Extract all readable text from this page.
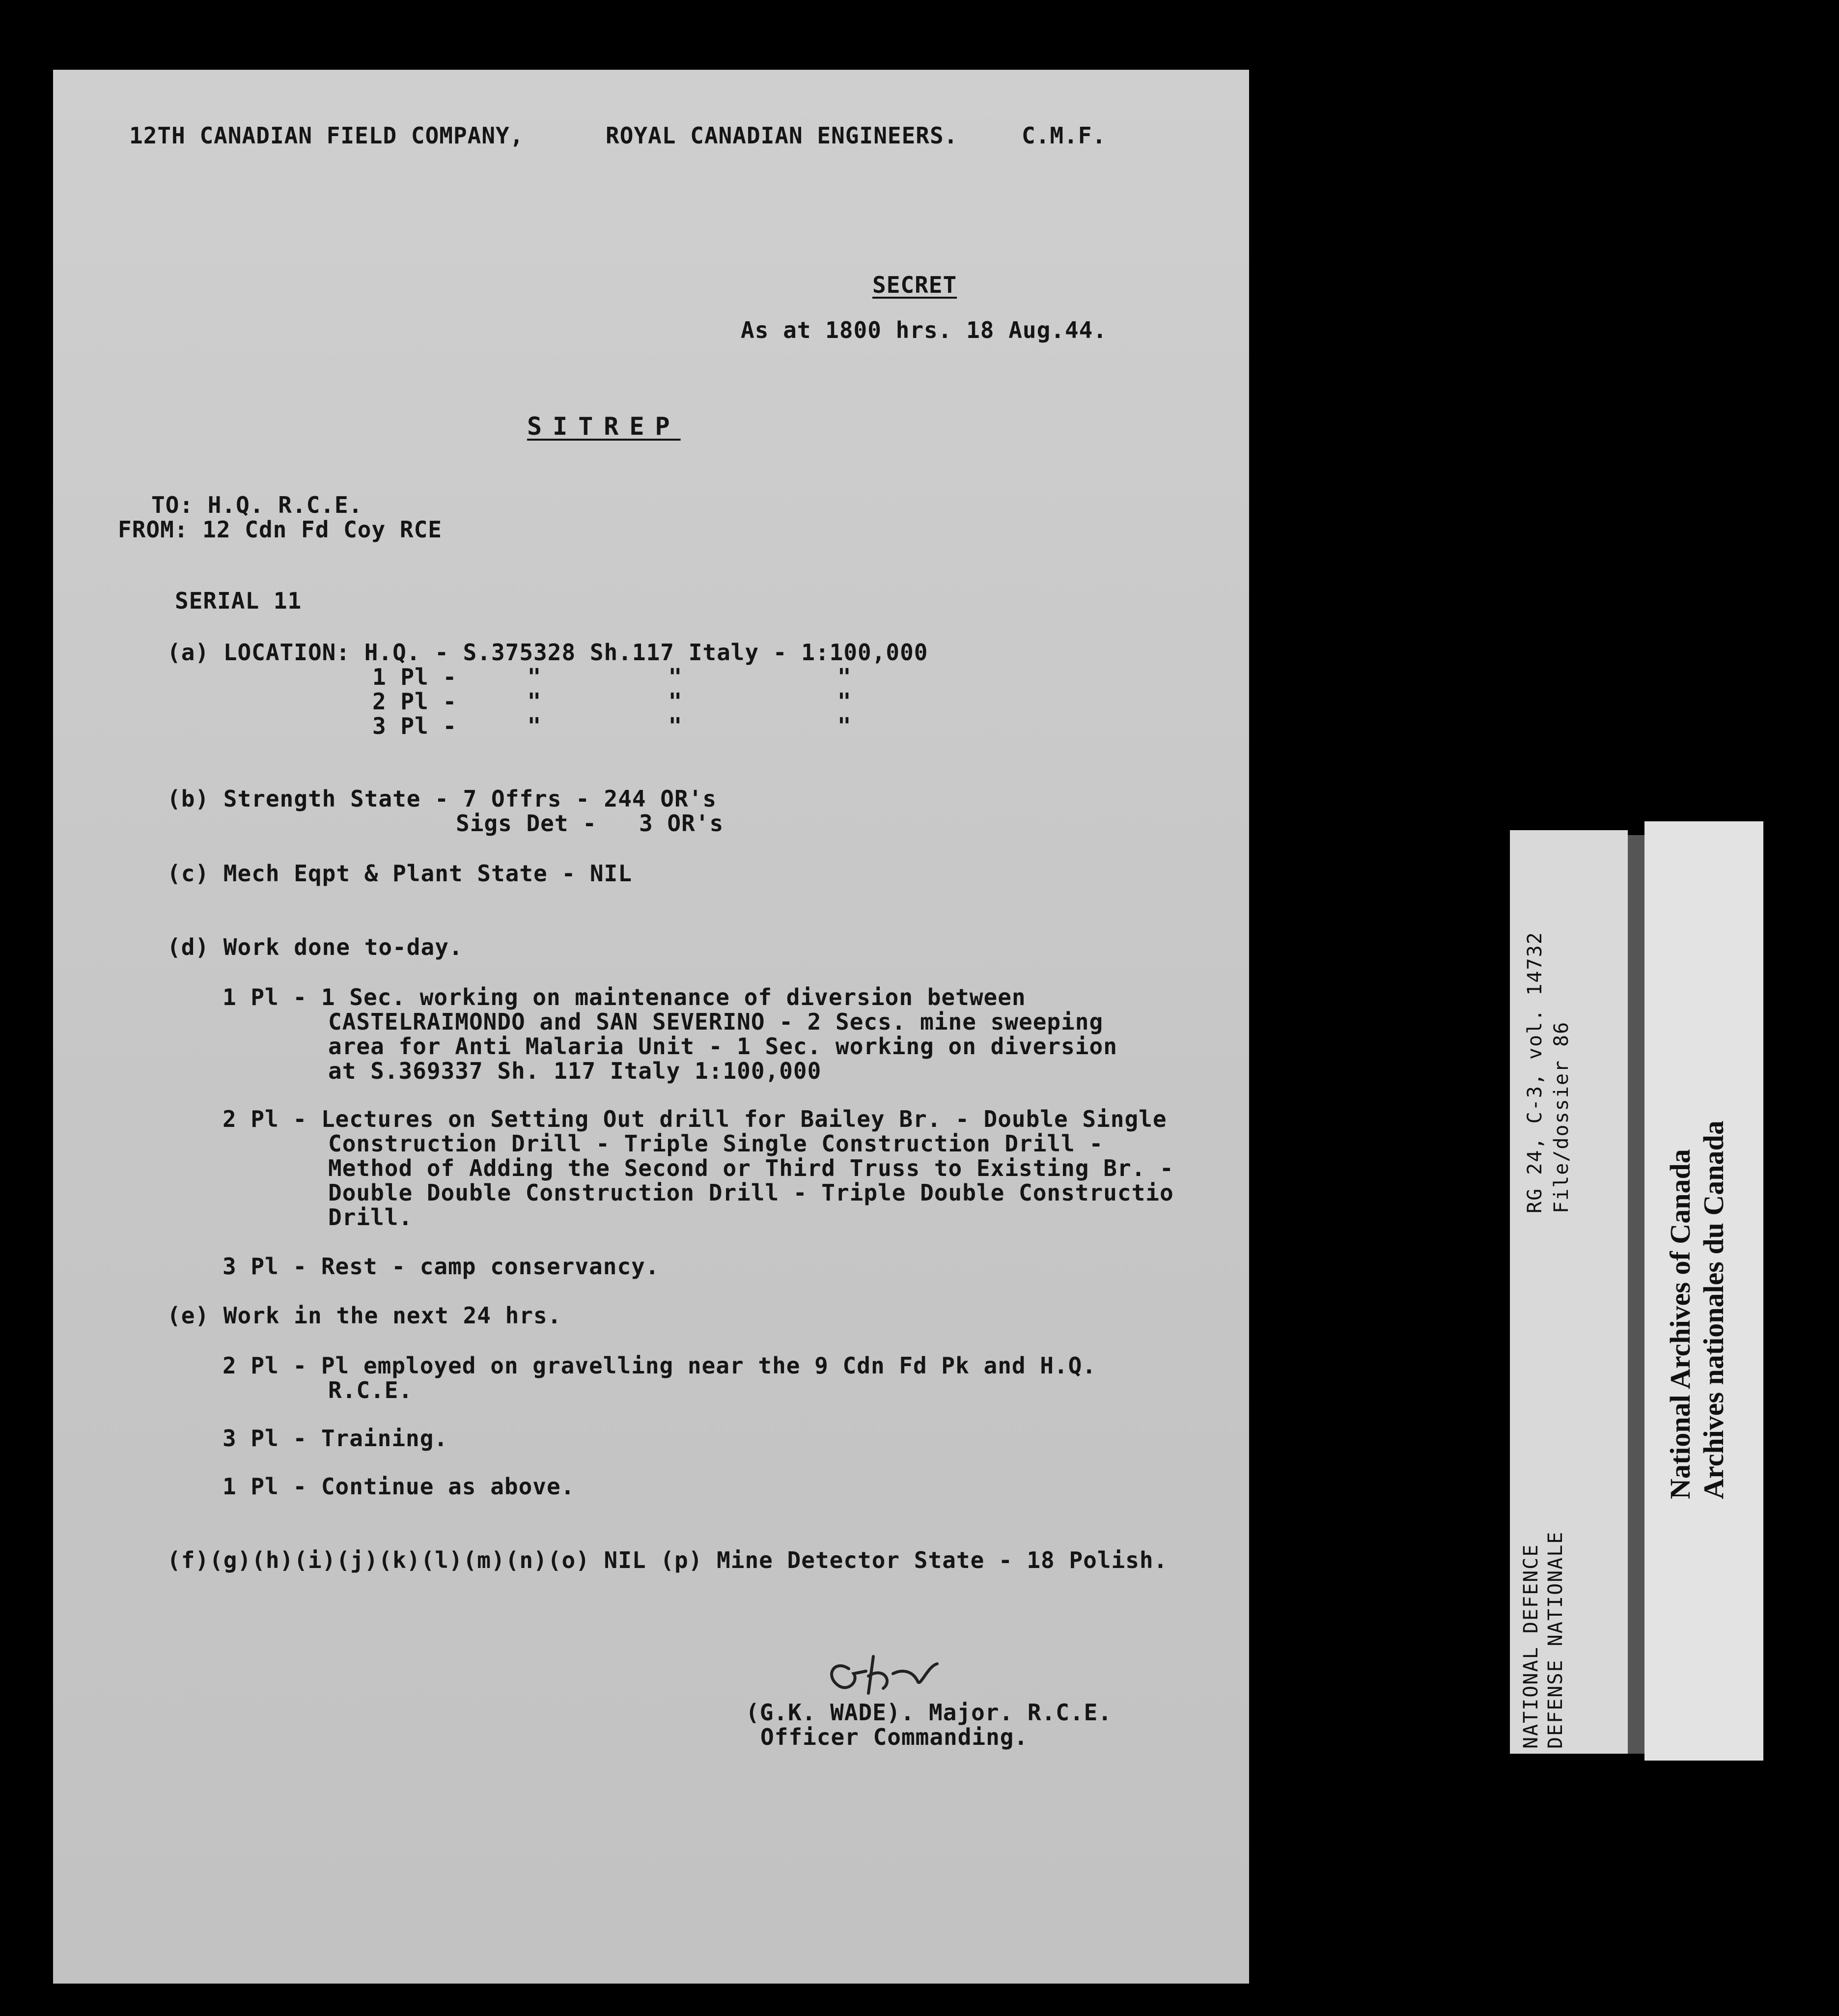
12TH CANADIAN FIELD COMPANY,	ROYAL CANADIAN ENGINEERS.	C.M.F.
SECRET
As at 1800 hrs. 18 Aug.44.
SITREP
TO: H.Q. R.C.E.
FROM: 12 Cdn Fd Coy RCE
SERIAL 11
(a) LOCATION: H.Q. - S.375328 Sh.117 Italy - 1:100,000
1 Pl -     "         "           "
2 Pl -     "         "           "
3 Pl -     "         "           "
(b) Strength State - 7 Offrs - 244 OR's
Sigs Det -   3 OR's
(c) Mech Eqpt & Plant State - NIL
(d) Work done to-day.
1 Pl - 1 Sec. working on maintenance of diversion between
CASTELRAIMONDO and SAN SEVERINO - 2 Secs. mine sweeping
area for Anti Malaria Unit - 1 Sec. working on diversion
at S.369337 Sh. 117 Italy 1:100,000
2 Pl - Lectures on Setting Out drill for Bailey Br. - Double Single
Construction Drill - Triple Single Construction Drill -
Method of Adding the Second or Third Truss to Existing Br. -
Double Double Construction Drill - Triple Double Constructio
Drill.
3 Pl - Rest - camp conservancy.
(e) Work in the next 24 hrs.
2 Pl - Pl employed on gravelling near the 9 Cdn Fd Pk and H.Q.
R.C.E.
3 Pl - Training.
1 Pl - Continue as above.
(f)(g)(h)(i)(j)(k)(l)(m)(n)(o) NIL (p) Mine Detector State - 18 Polish.
(G.K. WADE). Major. R.C.E.
Officer Commanding.
RG 24, C-3, vol. 14732 File/dossier 86
NATIONAL DEFENCE DEFENSE NATIONALE
National Archives of Canada Archives nationales du Canada
